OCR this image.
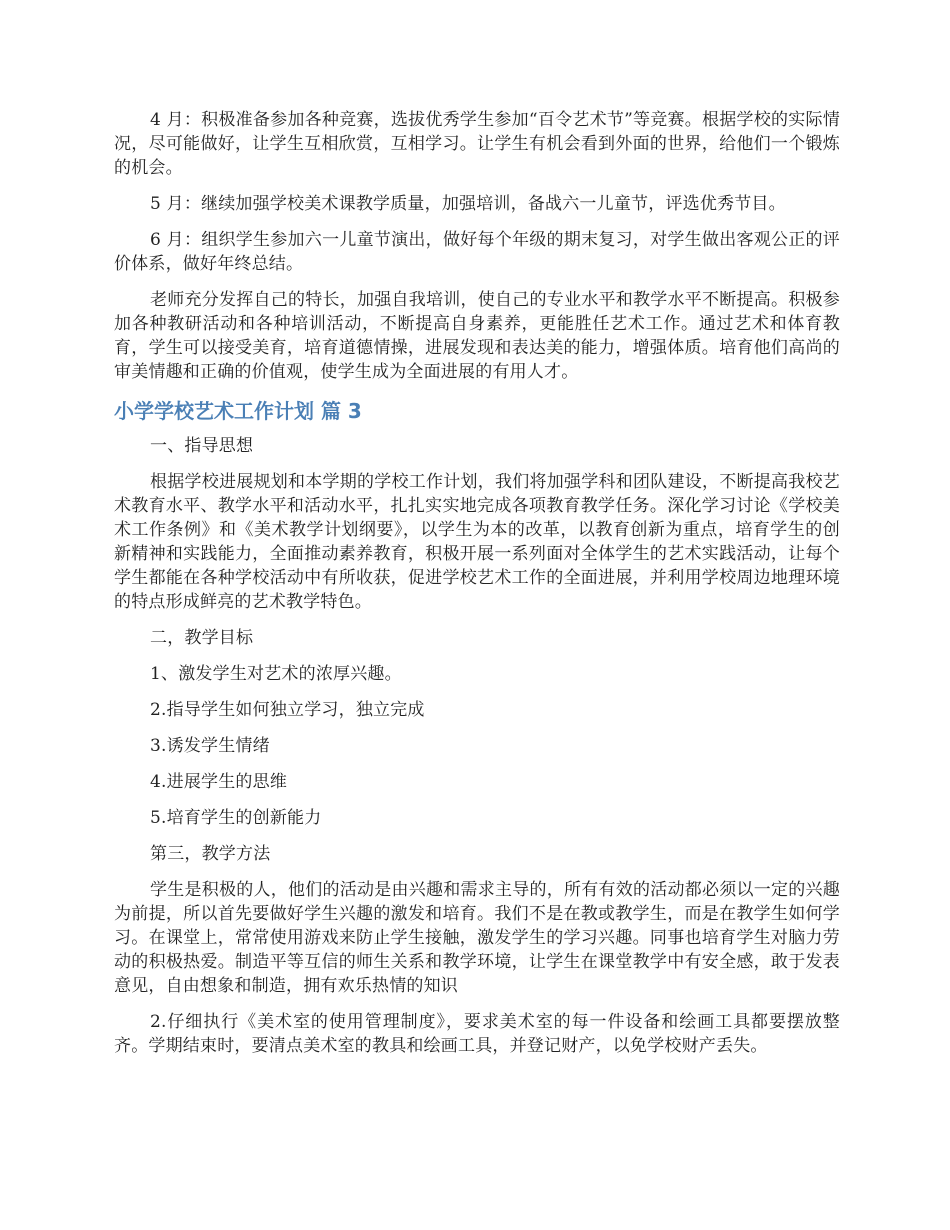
4 月：积极准备参加各种竞赛，选拔优秀学生参加“百令艺术节”等竞赛。根据学校的实际情况，尽可能做好，让学生互相欣赏，互相学习。让学生有机会看到外面的世界，给他们一个锻炼的机会。

5 月：继续加强学校美术课教学质量，加强培训，备战六一儿童节，评选优秀节目。

6 月：组织学生参加六一儿童节演出，做好每个年级的期末复习，对学生做出客观公正的评价体系，做好年终总结。

老师充分发挥自己的特长，加强自我培训，使自己的专业水平和教学水平不断提高。积极参加各种教研活动和各种培训活动，不断提高自身素养，更能胜任艺术工作。通过艺术和体育教育，学生可以接受美育，培育道德情操，进展发现和表达美的能力，增强体质。培育他们高尚的审美情趣和正确的价值观，使学生成为全面进展的有用人才。

小学学校艺术工作计划 篇 3

一、指导思想

根据学校进展规划和本学期的学校工作计划，我们将加强学科和团队建设，不断提高我校艺术教育水平、教学水平和活动水平，扎扎实实地完成各项教育教学任务。深化学习讨论《学校美术工作条例》和《美术教学计划纲要》，以学生为本的改革，以教育创新为重点，培育学生的创新精神和实践能力，全面推动素养教育，积极开展一系列面对全体学生的艺术实践活动，让每个学生都能在各种学校活动中有所收获，促进学校艺术工作的全面进展，并利用学校周边地理环境的特点形成鲜亮的艺术教学特色。

二，教学目标

1、激发学生对艺术的浓厚兴趣。

2.指导学生如何独立学习，独立完成

3.诱发学生情绪

4.进展学生的思维

5.培育学生的创新能力

第三，教学方法

学生是积极的人，他们的活动是由兴趣和需求主导的，所有有效的活动都必须以一定的兴趣为前提，所以首先要做好学生兴趣的激发和培育。我们不是在教或教学生，而是在教学生如何学习。在课堂上，常常使用游戏来防止学生接触，激发学生的学习兴趣。同事也培育学生对脑力劳动的积极热爱。制造平等互信的师生关系和教学环境，让学生在课堂教学中有安全感，敢于发表意见，自由想象和制造，拥有欢乐热情的知识

2.仔细执行《美术室的使用管理制度》，要求美术室的每一件设备和绘画工具都要摆放整齐。学期结束时，要清点美术室的教具和绘画工具，并登记财产，以免学校财产丢失。
